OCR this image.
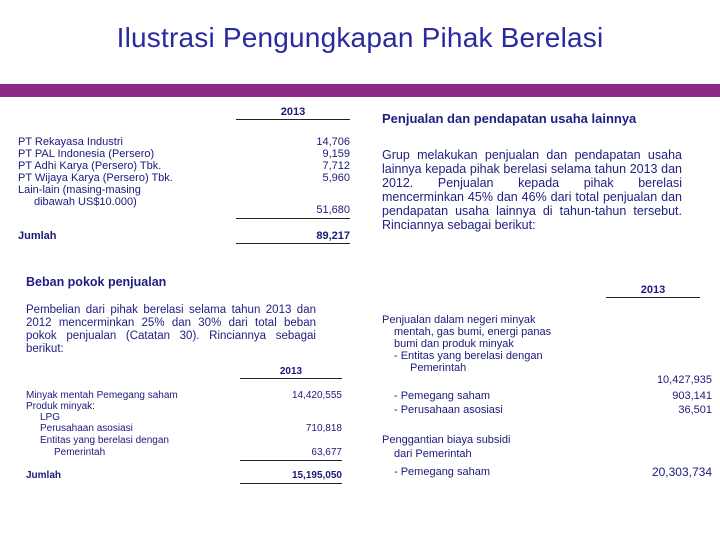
Ilustrasi Pengungkapan Pihak Berelasi
2013
PT Rekayasa Industri	14,706
PT PAL Indonesia (Persero)	9,159
PT Adhi Karya (Persero) Tbk.	7,712
PT Wijaya Karya (Persero) Tbk.	5,960
Lain-lain (masing-masing
dibawah US$10.000)
51,680
Jumlah	89,217
Beban pokok penjualan
Pembelian dari pihak berelasi selama tahun 2013 dan 2012 mencerminkan 25% dan 30% dari total beban pokok penjualan (Catatan 30). Rinciannya sebagai berikut:
2013
Minyak mentah Pemegang saham	14,420,555
Produk minyak:
LPG
Perusahaan asosiasi	710,818
Entitas yang berelasi dengan
Pemerintah	63,677
Jumlah	15,195,050
Penjualan dan pendapatan usaha lainnya
Grup melakukan penjualan dan pendapatan usaha lainnya kepada pihak berelasi selama tahun 2013 dan 2012. Penjualan kepada pihak berelasi mencerminkan 45% dan 46% dari total penjualan dan pendapatan usaha lainnya di tahun-tahun tersebut. Rinciannya sebagai berikut:
2013
Penjualan dalam negeri minyak
mentah, gas bumi, energi panas
bumi dan produk minyak
- Entitas yang berelasi dengan
Pemerintah
10,427,935
- Pemegang saham	903,141
- Perusahaan asosiasi	36,501
Penggantian biaya subsidi
dari Pemerintah
- Pemegang saham	20,303,734
